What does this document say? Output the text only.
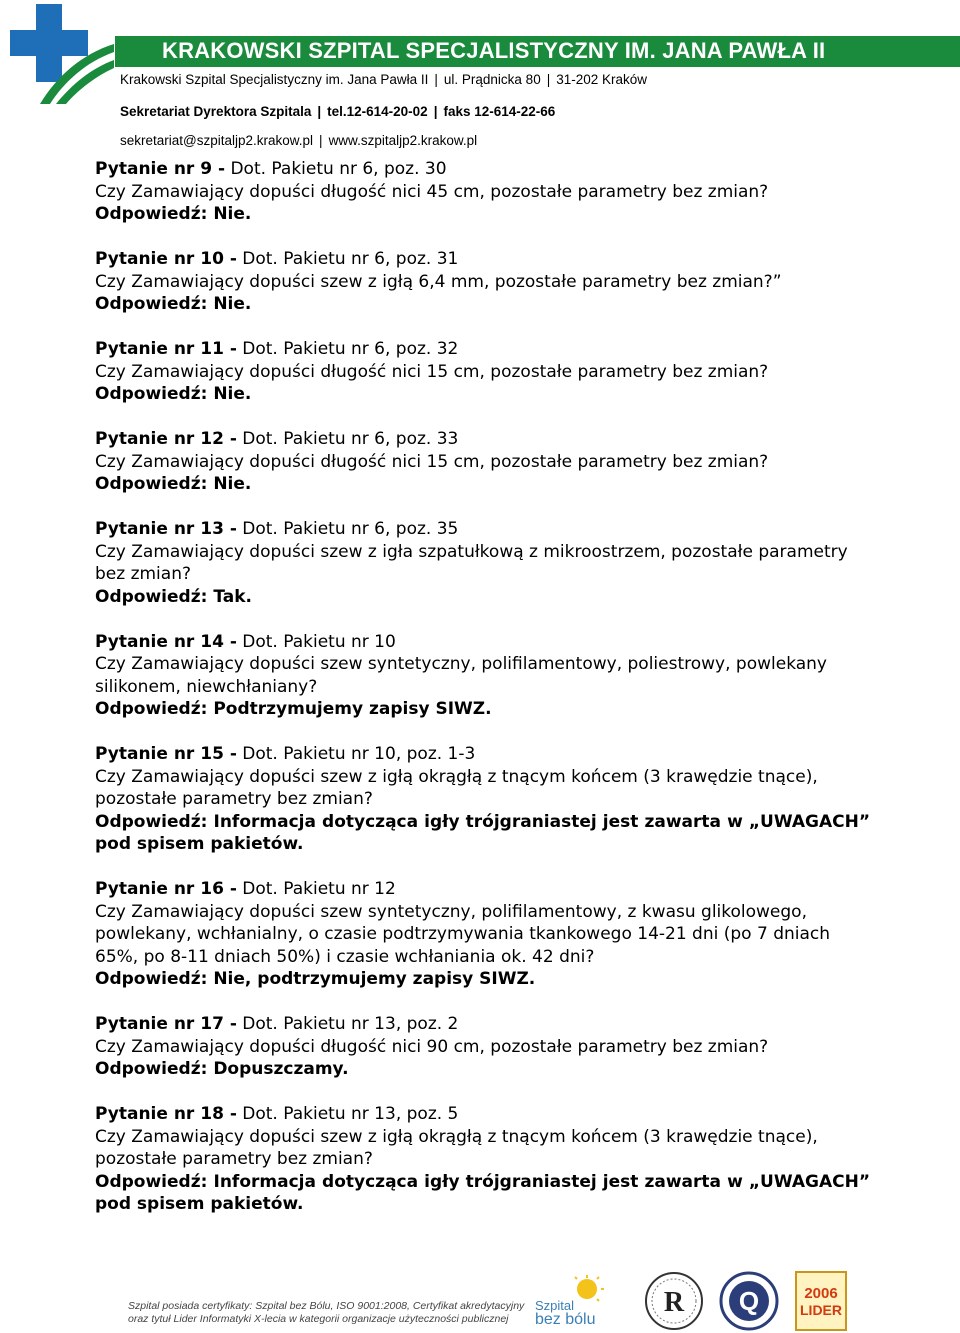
KRAKOWSKI SZPITAL SPECJALISTYCZNY IM. JANA PAWŁA II
Krakowski Szpital Specjalistyczny im. Jana Pawła II | ul. Prądnicka 80 | 31-202 Kraków
Sekretariat Dyrektora Szpitala | tel.12-614-20-02 | faks 12-614-22-66
sekretariat@szpitaljp2.krakow.pl | www.szpitaljp2.krakow.pl
Pytanie nr 9 - Dot. Pakietu nr 6, poz. 30
Czy Zamawiający dopuści długość nici 45 cm, pozostałe parametry bez zmian?
Odpowiedź: Nie.
Pytanie nr 10 - Dot. Pakietu nr 6, poz. 31
Czy Zamawiający dopuści szew z igłą 6,4 mm, pozostałe parametry bez zmian?”
Odpowiedź: Nie.
Pytanie nr 11 - Dot. Pakietu nr 6, poz. 32
Czy Zamawiający dopuści długość nici 15 cm, pozostałe parametry bez zmian?
Odpowiedź: Nie.
Pytanie nr 12 - Dot. Pakietu nr 6, poz. 33
Czy Zamawiający dopuści długość nici 15 cm, pozostałe parametry bez zmian?
Odpowiedź: Nie.
Pytanie nr 13 - Dot. Pakietu nr 6, poz. 35
Czy Zamawiający dopuści szew z igła szpatułkową z mikroostrzem, pozostałe parametry bez zmian?
Odpowiedź: Tak.
Pytanie nr 14 - Dot. Pakietu nr 10
Czy Zamawiający dopuści szew syntetyczny, polifilamentowy, poliestrowy, powlekany silikonem, niewchłaniany?
Odpowiedź: Podtrzymujemy zapisy SIWZ.
Pytanie nr 15 - Dot. Pakietu nr 10, poz. 1-3
Czy Zamawiający dopuści szew z igłą okrągłą z tnącym końcem (3 krawędzie tnące), pozostałe parametry bez zmian?
Odpowiedź: Informacja dotycząca igły trójgraniastej jest zawarta w „UWAGACH” pod spisem pakietów.
Pytanie nr 16 - Dot. Pakietu nr 12
Czy Zamawiający dopuści szew syntetyczny, polifilamentowy, z kwasu glikolowego, powlekany, wchłanialny, o czasie podtrzymywania tkankowego 14-21 dni (po 7 dniach 65%, po 8-11 dniach 50%) i czasie wchłaniania ok. 42 dni?
Odpowiedź: Nie, podtrzymujemy zapisy SIWZ.
Pytanie nr 17 - Dot. Pakietu nr 13, poz. 2
Czy Zamawiający dopuści długość nici 90 cm, pozostałe parametry bez zmian?
Odpowiedź: Dopuszczamy.
Pytanie nr 18 - Dot. Pakietu nr 13, poz. 5
Czy Zamawiający dopuści szew z igłą okrągłą z tnącym końcem (3 krawędzie tnące), pozostałe parametry bez zmian?
Odpowiedź: Informacja dotycząca igły trójgraniastej jest zawarta w „UWAGACH” pod spisem pakietów.
Szpital posiada certyfikaty: Szpital bez Bólu, ISO 9001:2008, Certyfikat akredytacyjny
oraz tytuł Lider Informatyki X-lecia w kategorii organizacje użyteczności publicznej
Szpital
bez bólu
R Q	2006
LIDER
